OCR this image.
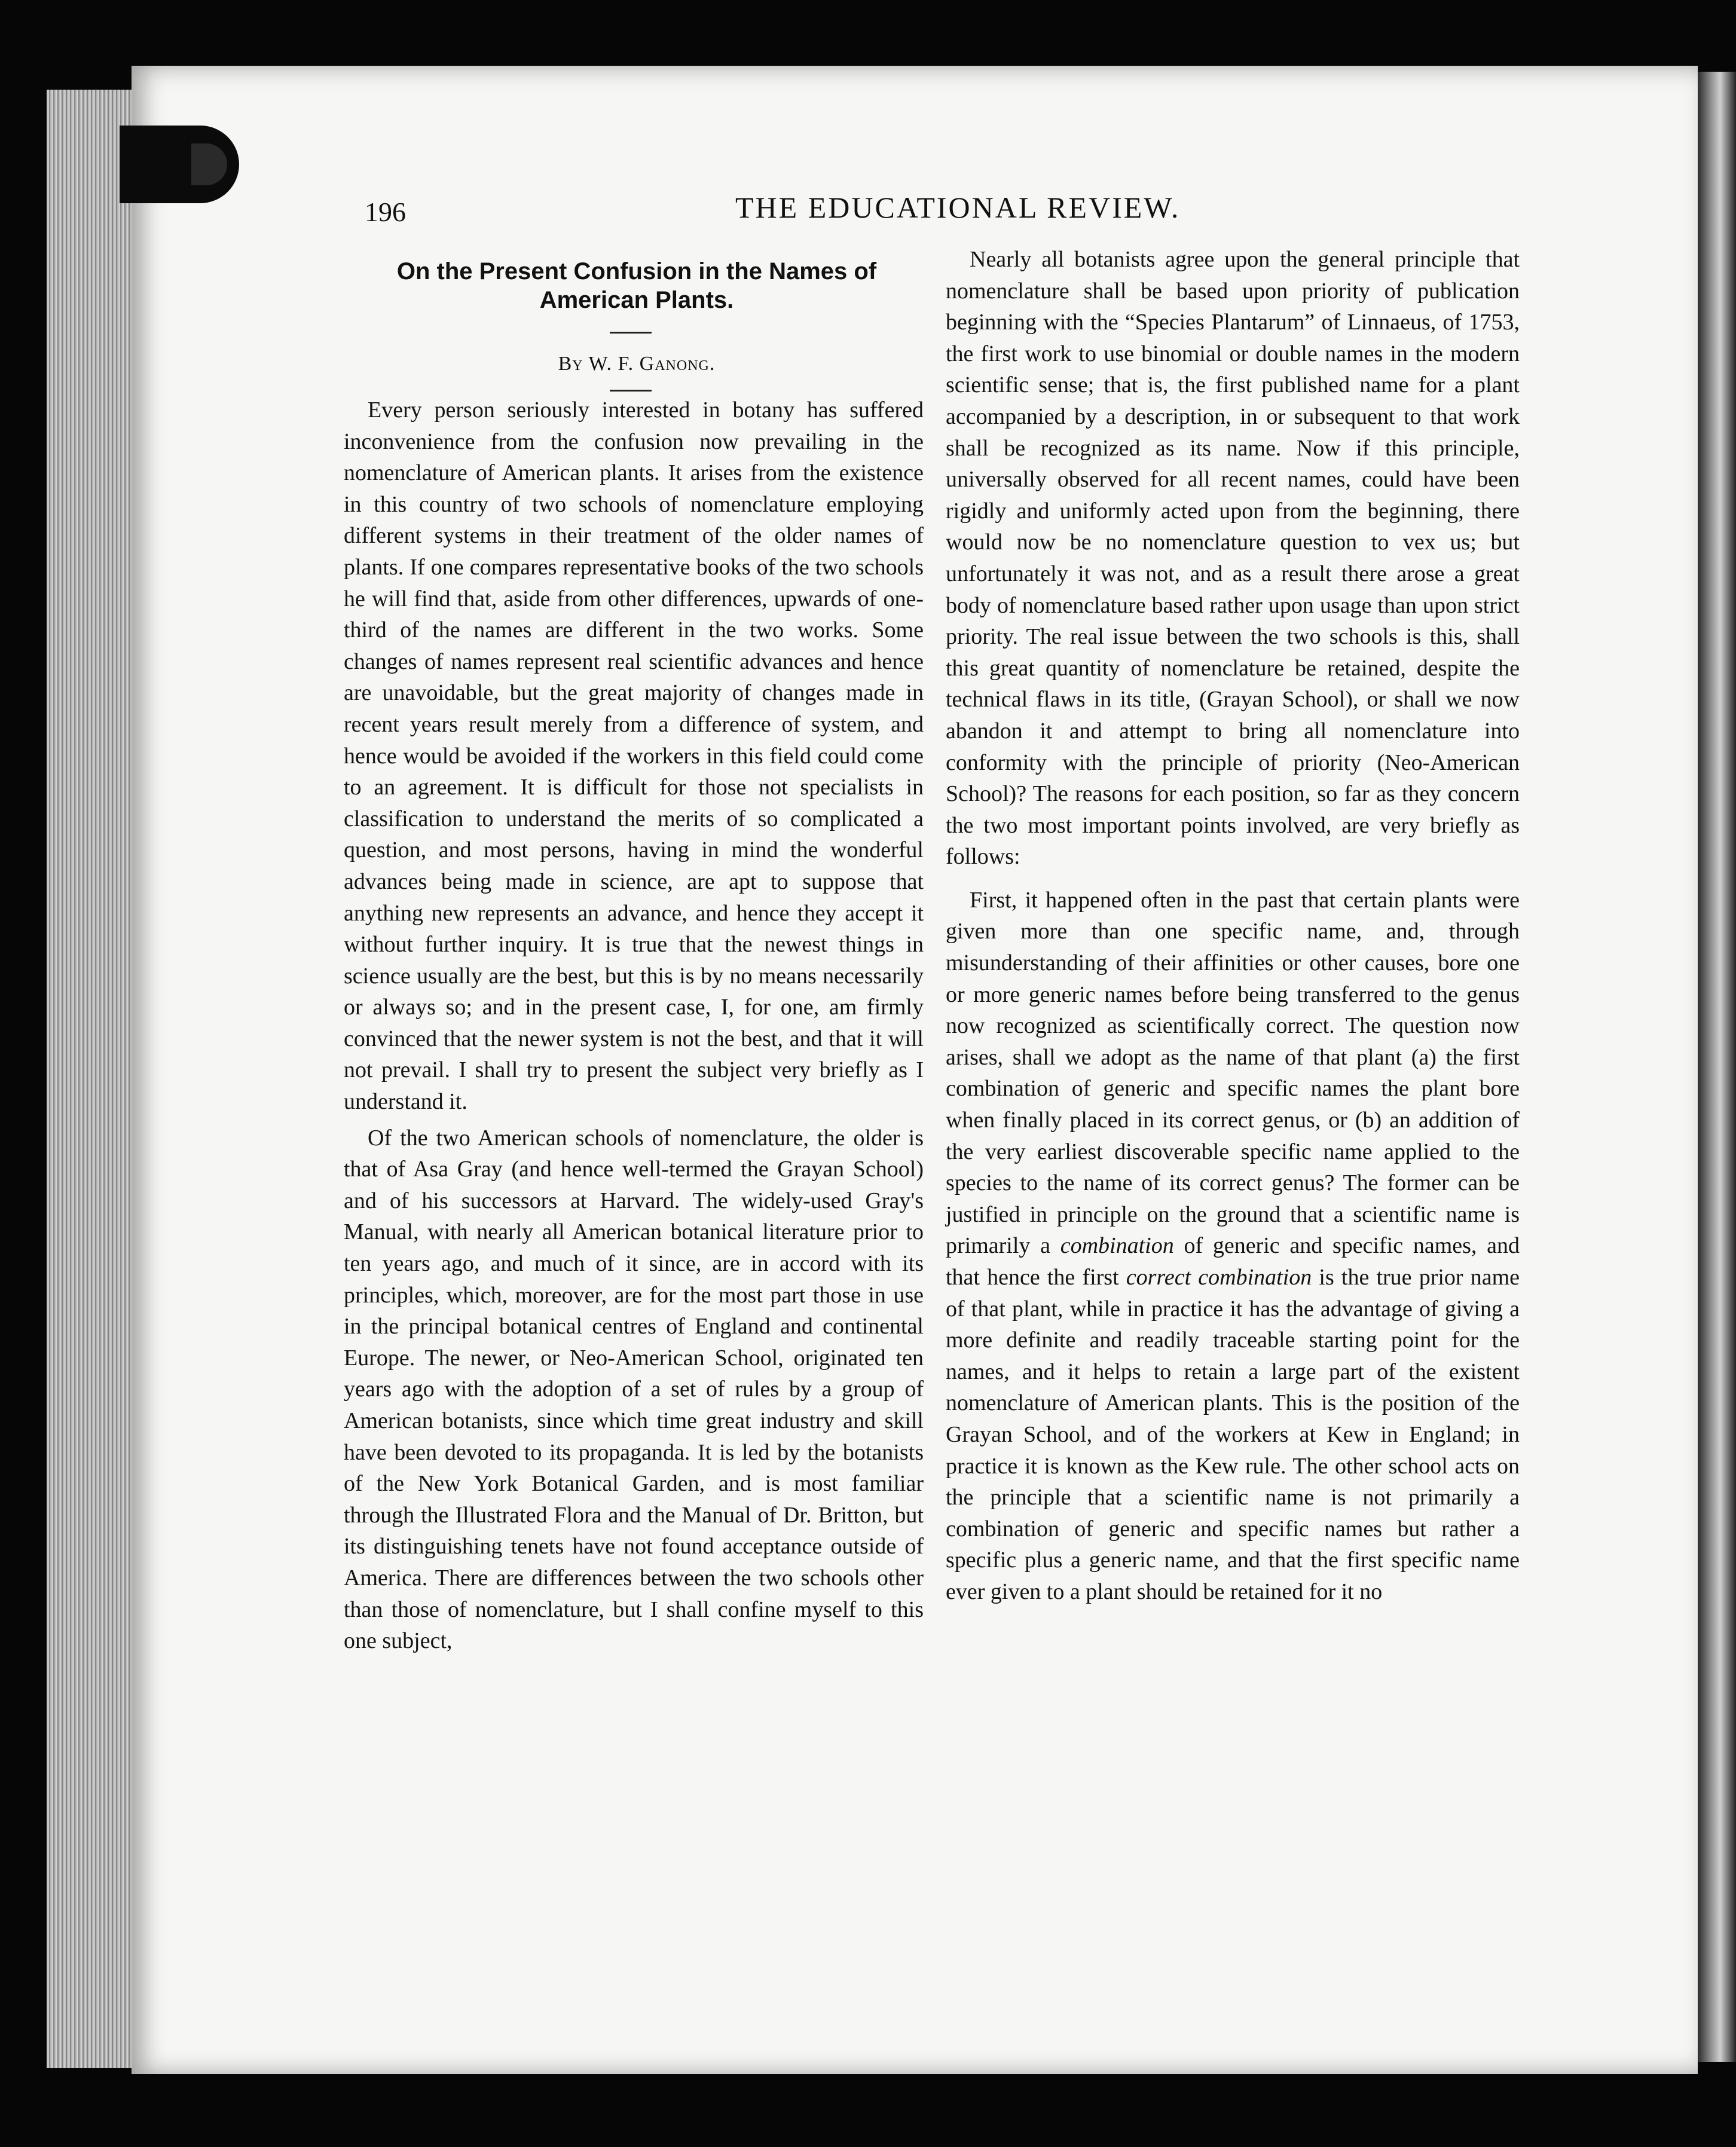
196	THE EDUCATIONAL REVIEW.
On the Present Confusion in the Names of
American Plants.
By W. F. Ganong.

Every person seriously interested in botany has suffered inconvenience from the confusion now prevailing in the nomenclature of American plants. It arises from the existence in this country of two schools of nomenclature employing different systems in their treatment of the older names of plants. If one compares representative books of the two schools he will find that, aside from other differences, upwards of one-third of the names are different in the two works. Some changes of names represent real scientific advances and hence are unavoidable, but the great majority of changes made in recent years result merely from a difference of system, and hence would be avoided if the workers in this field could come to an agreement. It is difficult for those not specialists in classification to understand the merits of so complicated a question, and most persons, having in mind the wonderful advances being made in science, are apt to suppose that anything new represents an advance, and hence they accept it without further inquiry. It is true that the newest things in science usually are the best, but this is by no means necessarily or always so; and in the present case, I, for one, am firmly convinced that the newer system is not the best, and that it will not prevail. I shall try to present the subject very briefly as I understand it.

Of the two American schools of nomenclature, the older is that of Asa Gray (and hence well-termed the Grayan School) and of his successors at Harvard. The widely-used Gray's Manual, with nearly all American botanical literature prior to ten years ago, and much of it since, are in accord with its principles, which, moreover, are for the most part those in use in the principal botanical centres of England and continental Europe. The newer, or Neo-American School, originated ten years ago with the adoption of a set of rules by a group of American botanists, since which time great industry and skill have been devoted to its propaganda. It is led by the botanists of the New York Botanical Garden, and is most familiar through the Illustrated Flora and the Manual of Dr. Britton, but its distinguishing tenets have not found acceptance outside of America. There are differences between the two schools other than those of nomenclature, but I shall confine myself to this one subject,

Nearly all botanists agree upon the general principle that nomenclature shall be based upon priority of publication beginning with the “Species Plantarum” of Linnaeus, of 1753, the first work to use binomial or double names in the modern scientific sense; that is, the first published name for a plant accompanied by a description, in or subsequent to that work shall be recognized as its name. Now if this principle, universally observed for all recent names, could have been rigidly and uniformly acted upon from the beginning, there would now be no nomenclature question to vex us; but unfortunately it was not, and as a result there arose a great body of nomenclature based rather upon usage than upon strict priority. The real issue between the two schools is this, shall this great quantity of nomenclature be retained, despite the technical flaws in its title, (Grayan School), or shall we now abandon it and attempt to bring all nomenclature into conformity with the principle of priority (Neo-American School)? The reasons for each position, so far as they concern the two most important points involved, are very briefly as follows:

First, it happened often in the past that certain plants were given more than one specific name, and, through misunderstanding of their affinities or other causes, bore one or more generic names before being transferred to the genus now recognized as scientifically correct. The question now arises, shall we adopt as the name of that plant (a) the first combination of generic and specific names the plant bore when finally placed in its correct genus, or (b) an addition of the very earliest discoverable specific name applied to the species to the name of its correct genus? The former can be justified in principle on the ground that a scientific name is primarily a combination of generic and specific names, and that hence the first correct combination is the true prior name of that plant, while in practice it has the advantage of giving a more definite and readily traceable starting point for the names, and it helps to retain a large part of the existent nomenclature of American plants. This is the position of the Grayan School, and of the workers at Kew in England; in practice it is known as the Kew rule. The other school acts on the principle that a scientific name is not primarily a combination of generic and specific names but rather a specific plus a generic name, and that the first specific name ever given to a plant should be retained for it no
